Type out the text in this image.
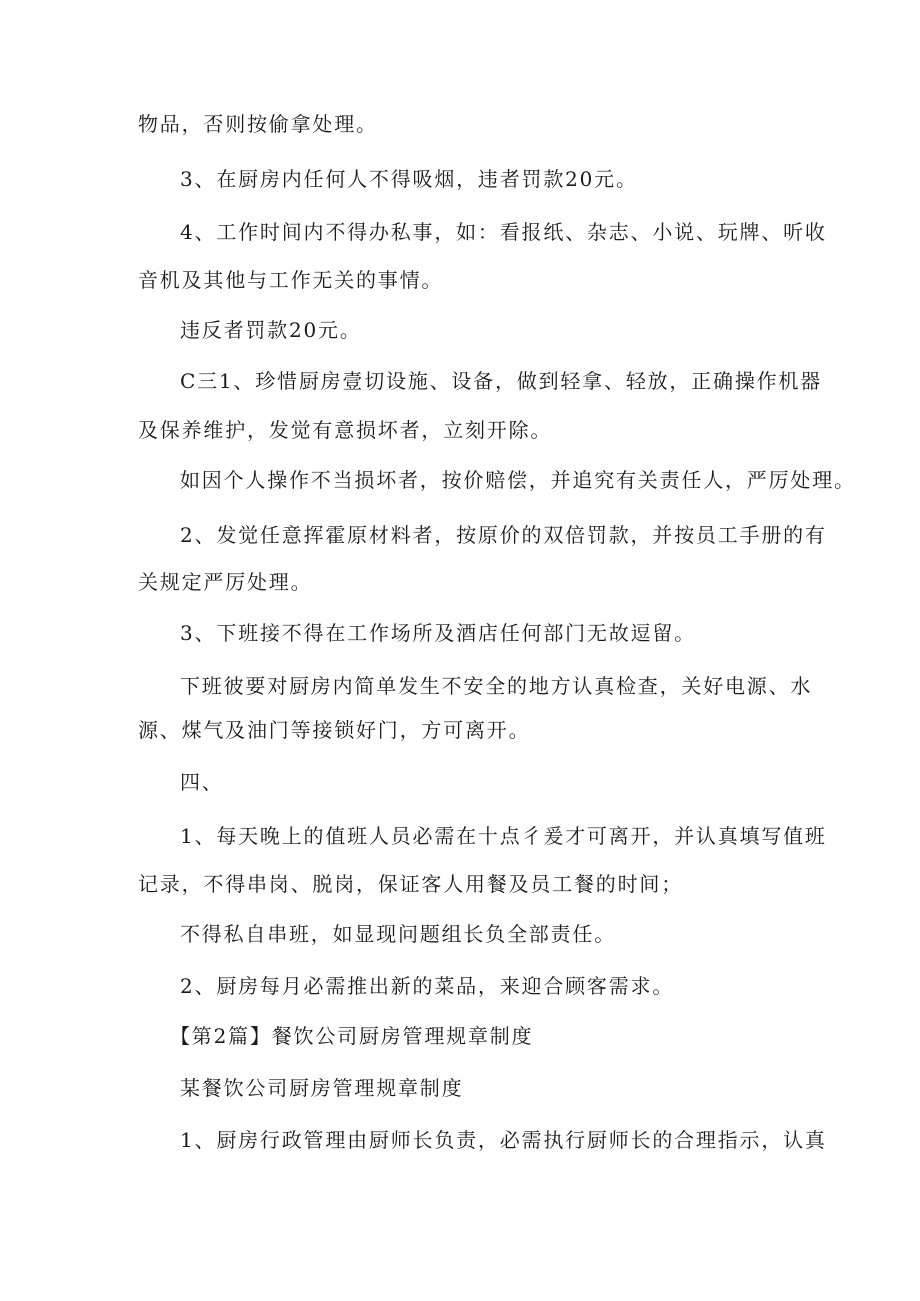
物品，否则按偷拿处理。
3、在厨房内任何人不得吸烟，违者罚款20元。
4、工作时间内不得办私事，如：看报纸、杂志、小说、玩牌、听收
音机及其他与工作无关的事情。
违反者罚款20元。
C三1、珍惜厨房壹切设施、设备，做到轻拿、轻放，正确操作机器
及保养维护，发觉有意损坏者，立刻开除。
如因个人操作不当损坏者，按价赔偿，并追究有关责任人，严厉处理。
2、发觉任意挥霍原材料者，按原价的双倍罚款，并按员工手册的有
关规定严厉处理。
3、下班接不得在工作场所及酒店任何部门无故逗留。
下班彼要对厨房内简单发生不安全的地方认真检查，关好电源、水
源、煤气及油门等接锁好门，方可离开。
四、
1、每天晚上的值班人员必需在十点彳爰才可离开，并认真填写值班
记录，不得串岗、脱岗，保证客人用餐及员工餐的时间；
不得私自串班，如显现问题组长负全部责任。
2、厨房每月必需推出新的菜品，来迎合顾客需求。
【第2篇】餐饮公司厨房管理规章制度
某餐饮公司厨房管理规章制度
1、厨房行政管理由厨师长负责，必需执行厨师长的合理指示，认真
